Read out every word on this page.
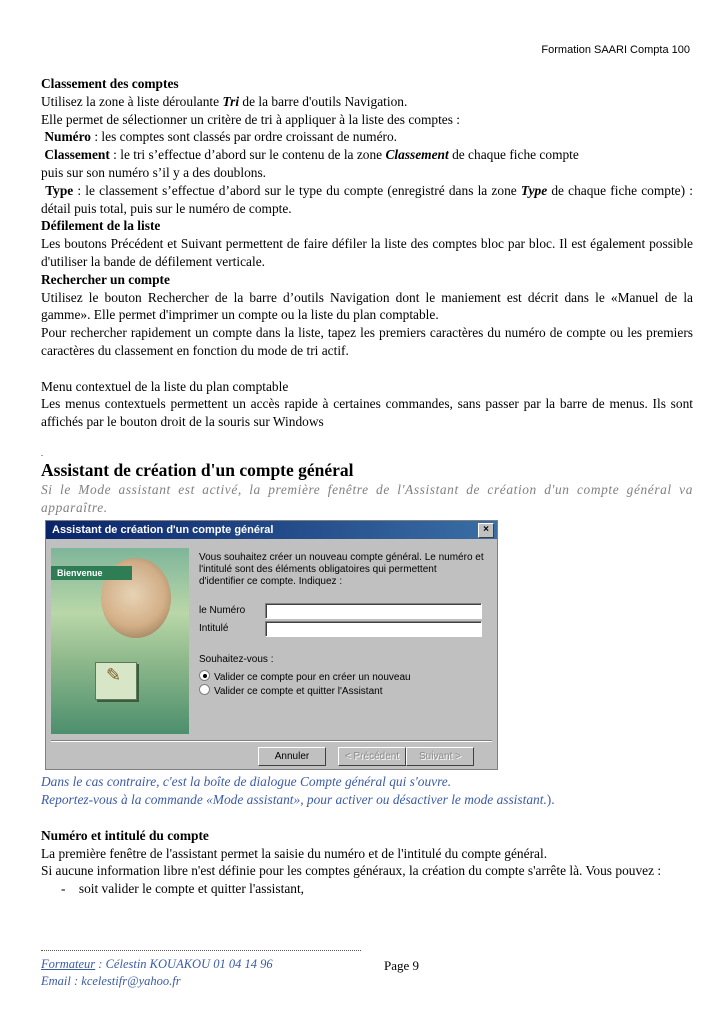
Formation SAARI Compta 100

Classement des comptes

Utilisez la zone à liste déroulante Tri de la barre d'outils Navigation.

Elle permet de sélectionner un critère de tri à appliquer à la liste des comptes :

Numéro : les comptes sont classés par ordre croissant de numéro.

Classement : le tri s’effectue d’abord sur le contenu de la zone Classement de chaque fiche compte

puis sur son numéro s’il y a des doublons.

Type : le classement s’effectue d’abord sur le type du compte (enregistré dans la zone Type de chaque fiche compte) : détail puis total, puis sur le numéro de compte.

Défilement de la liste

Les boutons Précédent et Suivant permettent de faire défiler la liste des comptes bloc par bloc. Il est également possible d'utiliser la bande de défilement verticale.

Rechercher un compte

Utilisez le bouton Rechercher de la barre d’outils Navigation dont le maniement est décrit dans le «Manuel de la gamme». Elle permet d'imprimer un compte ou la liste du plan comptable.

Pour rechercher rapidement un compte dans la liste, tapez les premiers caractères du numéro de compte ou les premiers caractères du classement en fonction du mode de tri actif.

Menu contextuel de la liste du plan comptable

Les menus contextuels permettent un accès rapide à certaines commandes, sans passer par la barre de menus. Ils sont affichés par le bouton droit de la souris sur Windows

.

Assistant de création d'un compte général

Si le Mode assistant est activé, la première fenêtre de l'Assistant de création d'un compte général va apparaître.

Assistant de création d'un compte général	×
Bienvenue
✎
Vous souhaitez créer un nouveau compte général. Le numéro et l'intitulé sont des éléments obligatoires qui permettent d'identifier ce compte. Indiquez :
le Numéro
Intitulé
Souhaitez-vous :
Valider ce compte pour en créer un nouveau
Valider ce compte et quitter l'Assistant
Annuler	< Précédent	Suivant >

Dans le cas contraire, c'est la boîte de dialogue Compte général qui s'ouvre.

Reportez-vous à la commande «Mode assistant», pour activer ou désactiver le mode assistant.).

Numéro et intitulé du compte

La première fenêtre de l'assistant permet la saisie du numéro et de l'intitulé du compte général.

Si aucune information libre n'est définie pour les comptes généraux, la création du compte s'arrête là. Vous pouvez :

- soit valider le compte et quitter l'assistant,

Formateur : Célestin KOUAKOU 01 04 14 96
Email : kcelestifr@yahoo.fr
Page 9
